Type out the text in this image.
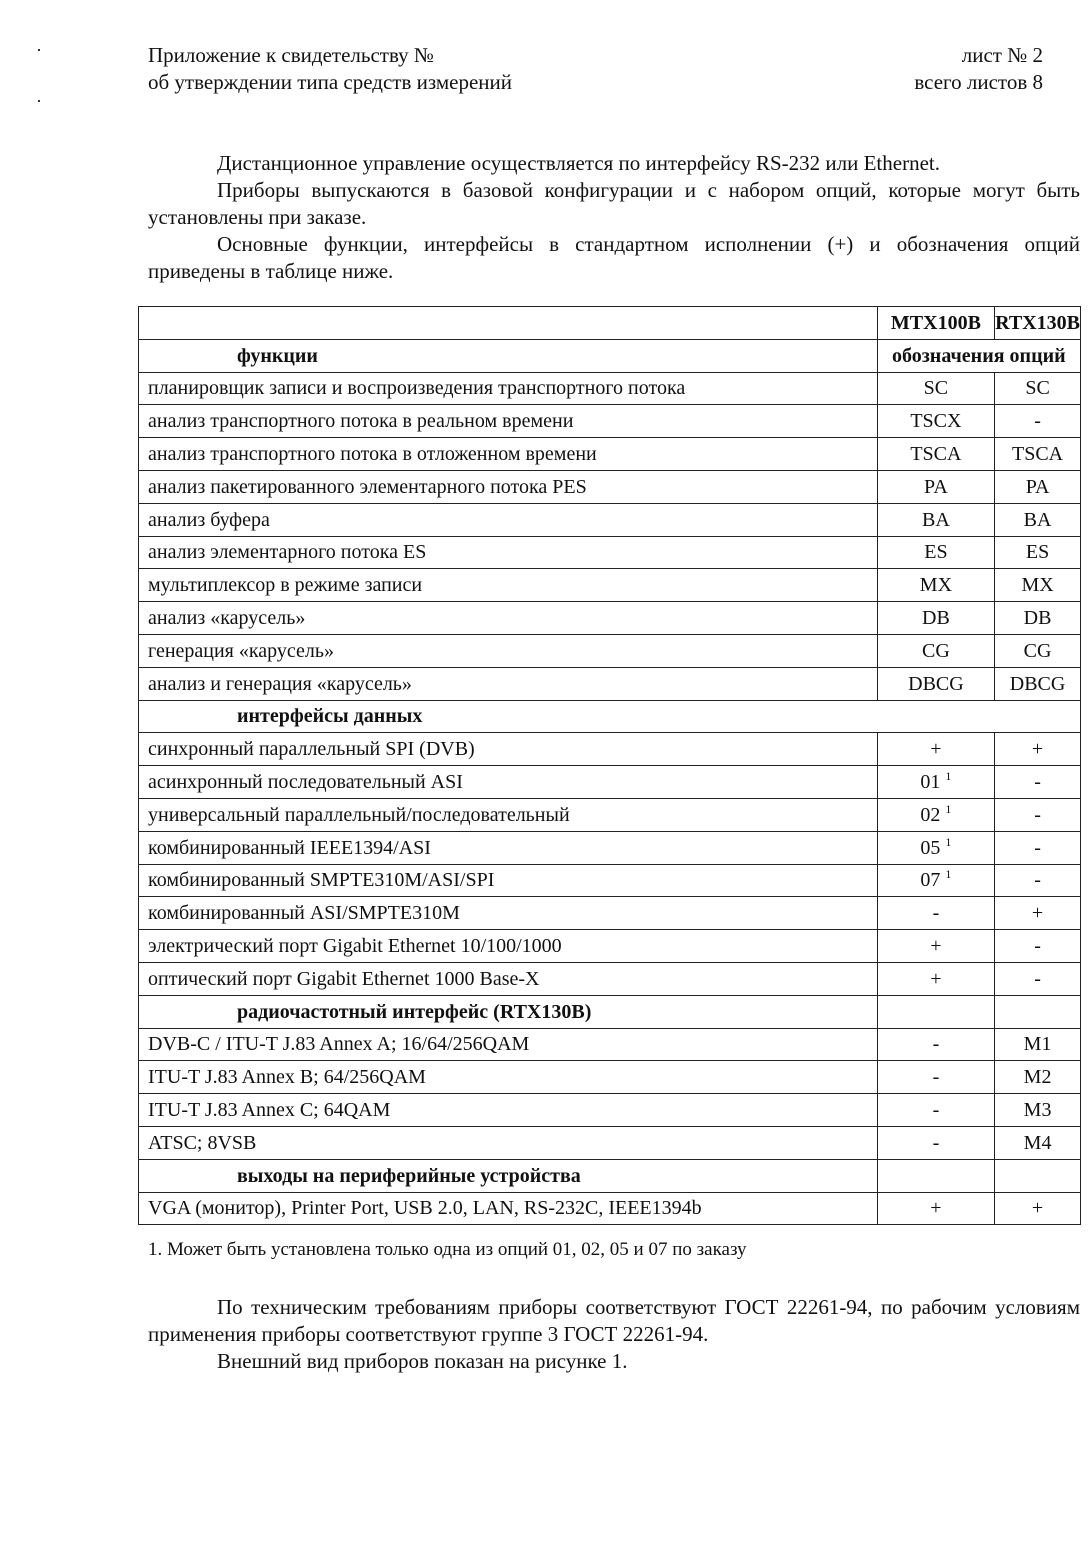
Приложение к свидетельству №
об утверждении типа средств измерений
лист № 2
всего листов 8

Дистанционное управление осуществляется по интерфейсу RS-232 или Ethernet.

Приборы выпускаются в базовой конфигурации и с набором опций, которые могут быть установлены при заказе.

Основные функции, интерфейсы в стандартном исполнении (+) и обозначения опций приведены в таблице ниже.

	MTX100B	RTX130B
функции	обозначения опций	
планировщик записи и воспроизведения транспортного потока	SC	SC
анализ транспортного потока в реальном времени	TSCX	-
анализ транспортного потока в отложенном времени	TSCA	TSCA
анализ пакетированного элементарного потока PES	PA	PA
анализ буфера	BA	BA
анализ элементарного потока ES	ES	ES
мультиплексор в режиме записи	MX	MX
анализ «карусель»	DB	DB
генерация «карусель»	CG	CG
анализ и генерация «карусель»	DBCG	DBCG
интерфейсы данных		
синхронный параллельный SPI (DVB)	+	+
асинхронный последовательный ASI	01 $^1$	-
универсальный параллельный/последовательный	02 $^1$	-
комбинированный IEEE1394/ASI	05 $^1$	-
комбинированный SMPTE310M/ASI/SPI	07 $^1$	-
комбинированный ASI/SMPTE310M	-	+
электрический порт Gigabit Ethernet 10/100/1000	+	-
оптический порт Gigabit Ethernet 1000 Base-X	+	-
радиочастотный интерфейс (RTX130B)		
DVB-C / ITU-T J.83 Annex A; 16/64/256QAM	-	M1
ITU-T J.83 Annex B; 64/256QAM	-	M2
ITU-T J.83 Annex C; 64QAM	-	M3
ATSC; 8VSB	-	M4
выходы на периферийные устройства		
VGA (монитор), Printer Port, USB 2.0, LAN, RS-232C, IEEE1394b	+	+
1. Может быть установлена только одна из опций 01, 02, 05 и 07 по заказу

По техническим требованиям приборы соответствуют ГОСТ 22261-94, по рабочим условиям применения приборы соответствуют группе 3 ГОСТ 22261-94.

Внешний вид приборов показан на рисунке 1.
